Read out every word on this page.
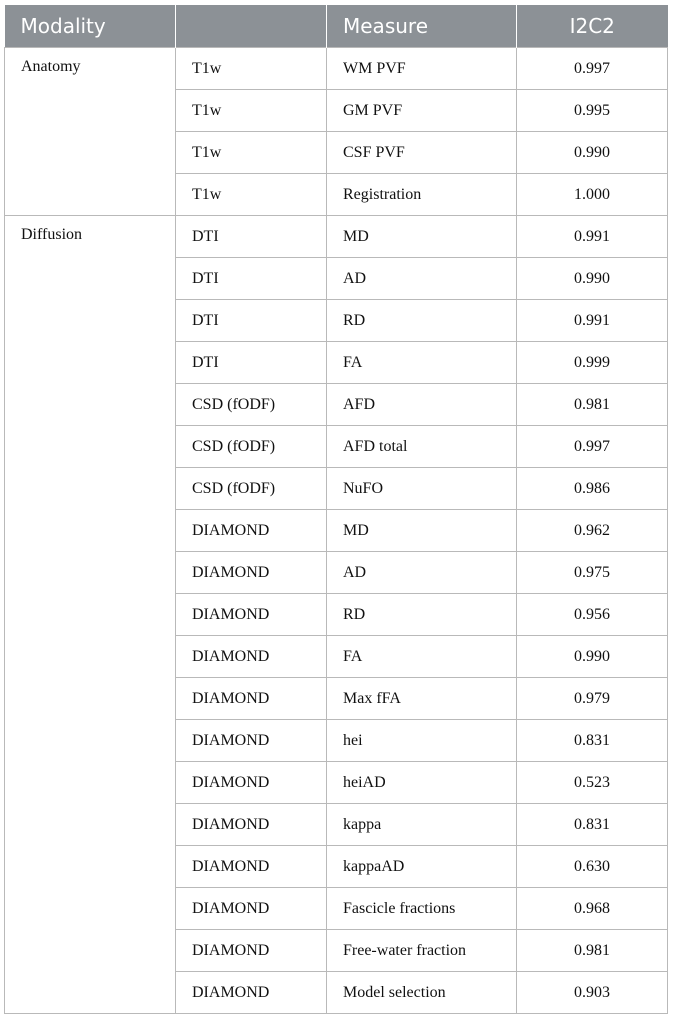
Modality		Measure	I2C2
Anatomy	T1w	WM PVF	0.997
	T1w	GM PVF	0.995
	T1w	CSF PVF	0.990
	T1w	Registration	1.000
Diffusion	DTI	MD	0.991
	DTI	AD	0.990
	DTI	RD	0.991
	DTI	FA	0.999
	CSD (fODF)	AFD	0.981
	CSD (fODF)	AFD total	0.997
	CSD (fODF)	NuFO	0.986
	DIAMOND	MD	0.962
	DIAMOND	AD	0.975
	DIAMOND	RD	0.956
	DIAMOND	FA	0.990
	DIAMOND	Max fFA	0.979
	DIAMOND	hei	0.831
	DIAMOND	heiAD	0.523
	DIAMOND	kappa	0.831
	DIAMOND	kappaAD	0.630
	DIAMOND	Fascicle fractions	0.968
	DIAMOND	Free-water fraction	0.981
	DIAMOND	Model selection	0.903
